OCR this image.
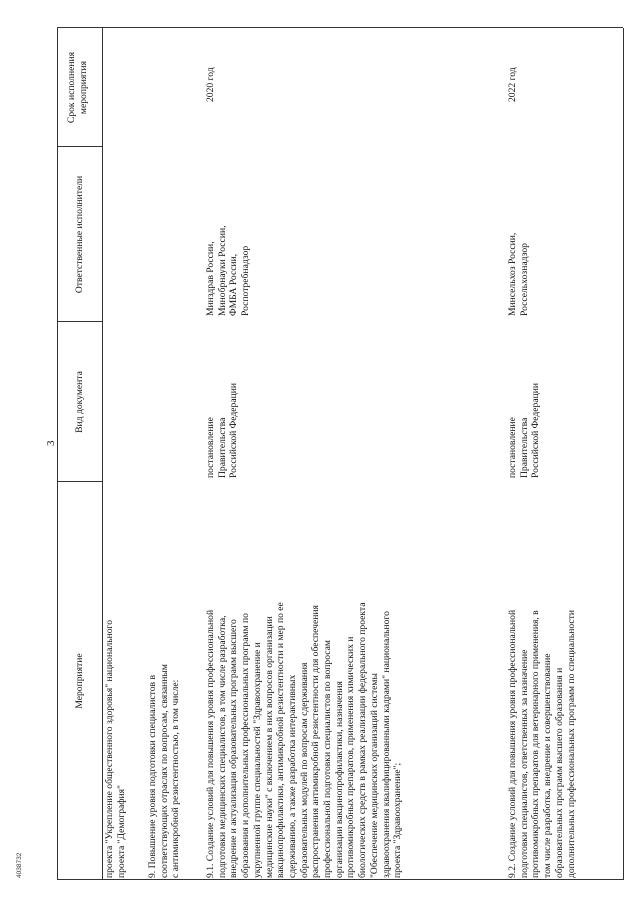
3
Мероприятие
Вид документа
Ответственные исполнители
Срок исполнения мероприятия
проекта "Укрепление общественного здоровья" национального проекта "Демография" 9. Повышение уровня подготовки специалистов в соответствующих отраслях по вопросам, связанным с антимикробной резистентностью, в том числе: 9.1. Создание условий для повышения уровня профессиональной подготовки медицинских специалистов, в том числе разработка, внедрение и актуализация образовательных программ высшего образования и дополнительных профессиональных программ по укрупненной группе специальностей "Здравоохранение и медицинские науки" с включением в них вопросов организации вакцинопрофилактики, антимикробной резистентности и мер по ее сдерживанию, а также разработка интерактивных образовательных модулей по вопросам сдерживания распространения антимикробной резистентности для обеспечения профессиональной подготовки специалистов по вопросам организации вакцинопрофилактики, назначения противомикробных препаратов, применения химических и биологических средств в рамках реализации федерального проекта "Обеспечение медицинских организаций системы здравоохранения квалифицированными кадрами" национального проекта "Здравоохранение";
постановление Правительства Российской Федерации
Минздрав России, Минобрнауки России, ФМБА России, Роспотребнадзор
2020 год
9.2. Создание условий для повышения уровня профессиональной подготовки специалистов, ответственных за назначение противомикробных препаратов для ветеринарного применения, в том числе разработка, внедрение и совершенствование образовательных программ высшего образования и дополнительных профессиональных программ по специальности
постановление Правительства Российской Федерации
Минсельхоз России, Россельхознадзор
2022 год
4038732
